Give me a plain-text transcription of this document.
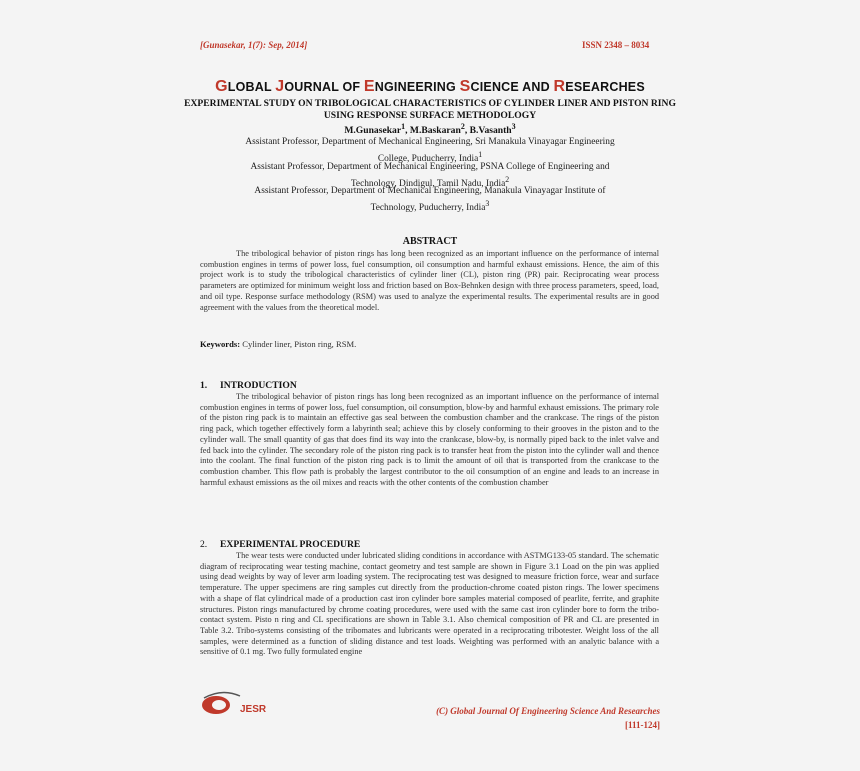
[Gunasekar, 1(7): Sep, 2014]	ISSN 2348 – 8034
GLOBAL JOURNAL OF ENGINEERING SCIENCE AND RESEARCHES
EXPERIMENTAL STUDY ON TRIBOLOGICAL CHARACTERISTICS OF CYLINDER LINER AND PISTON RING USING RESPONSE SURFACE METHODOLOGY
M.Gunasekar$^1$, M.Baskaran$^2$, B.Vasanth$^3$
Assistant Professor, Department of Mechanical Engineering, Sri Manakula Vinayagar Engineering
College, Puducherry, India$^1$
Assistant Professor, Department of Mechanical Engineering, PSNA College of Engineering and
Technology, Dindigul, Tamil Nadu, India$^2$
Assistant Professor, Department of Mechanical Engineering, Manakula Vinayagar Institute of
Technology, Puducherry, India$^3$
ABSTRACT
The tribological behavior of piston rings has long been recognized as an important influence on the performance of internal combustion engines in terms of power loss, fuel consumption, oil consumption and harmful exhaust emissions. Hence, the aim of this project work is to study the tribological characteristics of cylinder liner (CL), piston ring (PR) pair. Reciprocating wear process parameters are optimized for minimum weight loss and friction based on Box-Behnken design with three process parameters, speed, load, and oil type. Response surface methodology (RSM) was used to analyze the experimental results. The experimental results are in good agreement with the values from the theoretical model.
Keywords: Cylinder liner, Piston ring, RSM.
1. INTRODUCTION
The tribological behavior of piston rings has long been recognized as an important influence on the performance of internal combustion engines in terms of power loss, fuel consumption, oil consumption, blow-by and harmful exhaust emissions. The primary role of the piston ring pack is to maintain an effective gas seal between the combustion chamber and the crankcase. The rings of the piston ring pack, which together effectively form a labyrinth seal; achieve this by closely conforming to their grooves in the piston and to the cylinder wall. The small quantity of gas that does find its way into the crankcase, blow-by, is normally piped back to the inlet valve and fed back into the cylinder. The secondary role of the piston ring pack is to transfer heat from the piston into the cylinder wall and thence into the coolant. The final function of the piston ring pack is to limit the amount of oil that is transported from the crankcase to the combustion chamber. This flow path is probably the largest contributor to the oil consumption of an engine and leads to an increase in harmful exhaust emissions as the oil mixes and reacts with the other contents of the combustion chamber
2. EXPERIMENTAL PROCEDURE
The wear tests were conducted under lubricated sliding conditions in accordance with ASTMG133-05 standard. The schematic diagram of reciprocating wear testing machine, contact geometry and test sample are shown in Figure 3.1 Load on the pin was applied using dead weights by way of lever arm loading system. The reciprocating test was designed to measure friction force, wear and surface temperature. The upper specimens are ring samples cut directly from the production-chrome coated piston rings. The lower specimens with a shape of flat cylindrical made of a production cast iron cylinder bore samples material composed of pearlite, ferrite, and graphite structures. Piston rings manufactured by chrome coating procedures, were used with the same cast iron cylinder bore to form the tribo-contact system. Pisto n ring and CL specifications are shown in Table 3.1. Also chemical composition of PR and CL are presented in Table 3.2. Tribo-systems consisting of the tribomates and lubricants were operated in a reciprocating tribotester. Weight loss of the all samples, were determined as a function of sliding distance and test loads. Weighting was performed with an analytic balance with a sensitive of 0.1 mg. Two fully formulated engine
JESR	(C) Global Journal Of Engineering Science And Researches
[111-124]
